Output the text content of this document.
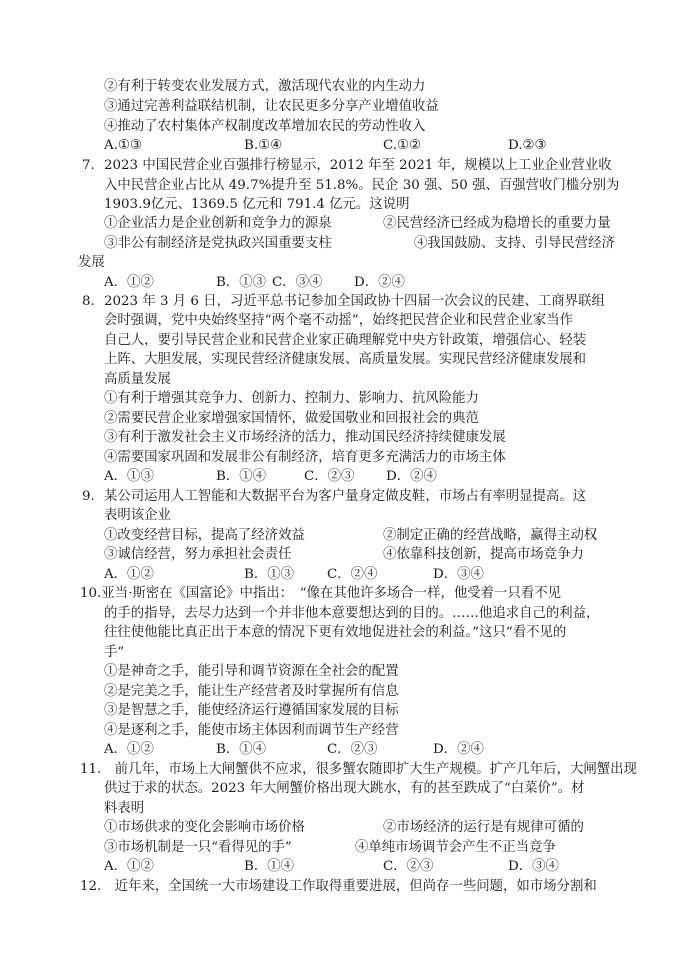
②有利于转变农业发展方式，激活现代农业的内生动力
③通过完善利益联结机制，让农民更多分享产业增值收益
④推动了农村集体产权制度改革增加农民的劳动性收入
A.①③	B.①④	C.①②	D.②③
7. 2023 中国民营企业百强排行榜显示，2012 年至 2021 年，规模以上工业企业营业收
入中民营企业占比从 49.7%提升至 51.8%。民企 30 强、50 强、百强营收门槛分别为
1903.9亿元、1369.5 亿元和 791.4 亿元。这说明
①企业活力是企业创新和竞争力的源泉	②民营经济已经成为稳增长的重要力量
③非公有制经济是党执政兴国重要支柱	④我国鼓励、支持、引导民营经济
发展
A．①②	B．①③ C．③④ D．②④
8. 2023 年 3 月 6 日，习近平总书记参加全国政协十四届一次会议的民建、工商界联组
会时强调，党中央始终坚持“两个毫不动摇”，始终把民营企业和民营企业家当作
自己人，要引导民营企业和民营企业家正确理解党中央方针政策，增强信心、轻装
上阵、大胆发展，实现民营经济健康发展、高质量发展。实现民营经济健康发展和
高质量发展
①有利于增强其竞争力、创新力、控制力、影响力、抗风险能力
②需要民营企业家增强家国情怀，做爱国敬业和回报社会的典范
③有利于激发社会主义市场经济的活力，推动国民经济持续健康发展
④需要国家巩固和发展非公有制经济，培育更多充满活力的市场主体
A．①③	B．①④	C．②③ D．②④
9. 某公司运用人工智能和大数据平台为客户量身定做皮鞋，市场占有率明显提高。这
表明该企业
①改变经营目标，提高了经济效益	②制定正确的经营战略，赢得主动权
③诚信经营，努力承担社会责任	④依靠科技创新，提高市场竞争力
A．①②	B．①③ C．②④	D．③④
10.亚当·斯密在《国富论》中指出：　“像在其他许多场合一样，他受着一只看不见
的手的指导，去尽力达到一个并非他本意要想达到的目的。……他追求自己的利益，
往往使他能比真正出于本意的情况下更有效地促进社会的利益。”这只“看不见的
手”
①是神奇之手，能引导和调节资源在全社会的配置
②是完美之手，能让生产经营者及时掌握所有信息
③是智慧之手，能使经济运行遵循国家发展的目标
④是逐利之手，能使市场主体因利而调节生产经营
A．①②	B．①④	C．②③	D．②④
11.　前几年，市场上大闸蟹供不应求，很多蟹农随即扩大生产规模。扩产几年后，大闸蟹出现
供过于求的状态。2023 年大闸蟹价格出现大跳水，有的甚至跌成了“白菜价”。材
料表明
①市场供求的变化会影响市场价格	②市场经济的运行是有规律可循的
③市场机制是一只“看得见的手”	④单纯市场调节会产生不正当竞争
A．①②	B．①④	C．②③	D．③④
12.　近年来，全国统一大市场建设工作取得重要进展，但尚存一些问题，如市场分割和
